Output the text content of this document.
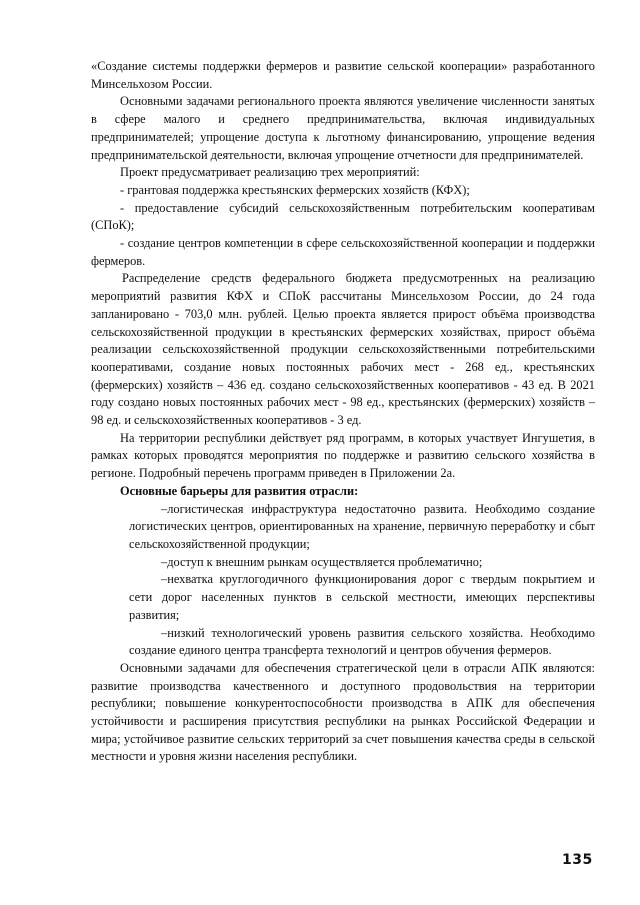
«Создание системы поддержки фермеров и развитие сельской кооперации» разработанного Минсельхозом России.

Основными задачами регионального проекта являются увеличение численности занятых в сфере малого и среднего предпринимательства, включая индивидуальных предпринимателей; упрощение доступа к льготному финансированию, упрощение ведения предпринимательской деятельности, включая упрощение отчетности для предпринимателей.

Проект предусматривает реализацию трех мероприятий:

- грантовая поддержка крестьянских фермерских хозяйств (КФХ);

- предоставление субсидий сельскохозяйственным потребительским кооперативам (СПоК);

- создание центров компетенции в сфере сельскохозяйственной кооперации и поддержки фермеров.

Распределение средств федерального бюджета предусмотренных на реализацию мероприятий развития КФХ и СПоК рассчитаны Минсельхозом России, до 24 года запланировано - 703,0 млн. рублей. Целью проекта является прирост объёма производства сельскохозяйственной продукции в крестьянских фермерских хозяйствах, прирост объёма реализации сельскохозяйственной продукции сельскохозяйственными потребительскими кооперативами, создание новых постоянных рабочих мест - 268 ед., крестьянских (фермерских) хозяйств – 436 ед. создано сельскохозяйственных кооперативов - 43 ед. В 2021 году создано новых постоянных рабочих мест - 98 ед., крестьянских (фермерских) хозяйств – 98 ед. и сельскохозяйственных кооперативов - 3 ед.

На территории республики действует ряд программ, в которых участвует Ингушетия, в рамках которых проводятся мероприятия по поддержке и развитию сельского хозяйства в регионе. Подробный перечень программ приведен в Приложении 2а.

Основные барьеры для развития отрасли:

–логистическая инфраструктура недостаточно развита. Необходимо создание логистических центров, ориентированных на хранение, первичную переработку и сбыт сельскохозяйственной продукции;

–доступ к внешним рынкам осуществляется проблематично;

–нехватка круглогодичного функционирования дорог с твердым покрытием и сети дорог населенных пунктов в сельской местности, имеющих перспективы развития;

–низкий технологический уровень развития сельского хозяйства. Необходимо создание единого центра трансферта технологий и центров обучения фермеров.

Основными задачами для обеспечения стратегической цели в отрасли АПК являются: развитие производства качественного и доступного продовольствия на территории республики; повышение конкурентоспособности производства в АПК для обеспечения устойчивости и расширения присутствия республики на рынках Российской Федерации и мира; устойчивое развитие сельских территорий за счет повышения качества среды в сельской местности и уровня жизни населения республики.

135
